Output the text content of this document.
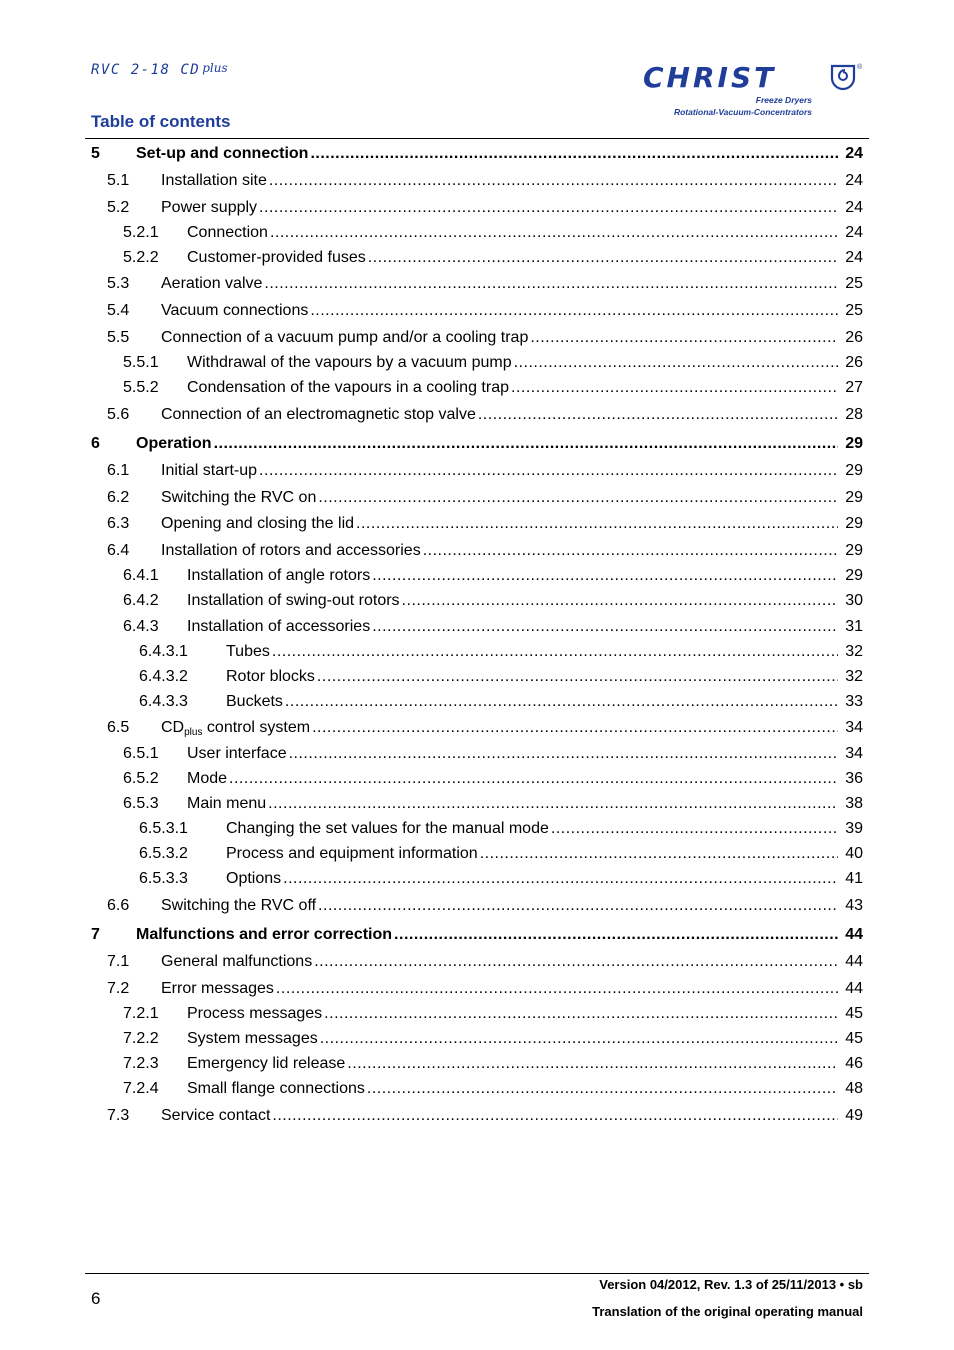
RVC 2-18 CD plus
Table of contents
CHRIST	®
Freeze Dryers
Rotational-Vacuum-Concentrators
5 Set-up and connection .....	24
5.1 Installation site .....	24
5.2 Power supply .....	24
5.2.1 Connection .....	24
5.2.2 Customer-provided fuses .....	24
5.3 Aeration valve .....	25
5.4 Vacuum connections .....	25
5.5 Connection of a vacuum pump and/or a cooling trap .....	26
5.5.1 Withdrawal of the vapours by a vacuum pump .....	26
5.5.2 Condensation of the vapours in a cooling trap .....	27
5.6 Connection of an electromagnetic stop valve .....	28
6 Operation .....	29
6.1 Initial start-up .....	29
6.2 Switching the RVC on .....	29
6.3 Opening and closing the lid .....	29
6.4 Installation of rotors and accessories .....	29
6.4.1 Installation of angle rotors .....	29
6.4.2 Installation of swing-out rotors .....	30
6.4.3 Installation of accessories .....	31
6.4.3.1 Tubes .....	32
6.4.3.2 Rotor blocks .....	32
6.4.3.3 Buckets .....	33
6.5 $CD_{plus}$ control system .....	34
6.5.1 User interface .....	34
6.5.2 Mode .....	36
6.5.3 Main menu .....	38
6.5.3.1 Changing the set values for the manual mode .....	39
6.5.3.2 Process and equipment information .....	40
6.5.3.3 Options .....	41
6.6 Switching the RVC off .....	43
7 Malfunctions and error correction .....	44
7.1 General malfunctions .....	44
7.2 Error messages .....	44
7.2.1 Process messages .....	45
7.2.2 System messages .....	45
7.2.3 Emergency lid release .....	46
7.2.4 Small flange connections .....	48
7.3 Service contact .....	49
6
Version 04/2012, Rev. 1.3 of 25/11/2013 • sb
Translation of the original operating manual
